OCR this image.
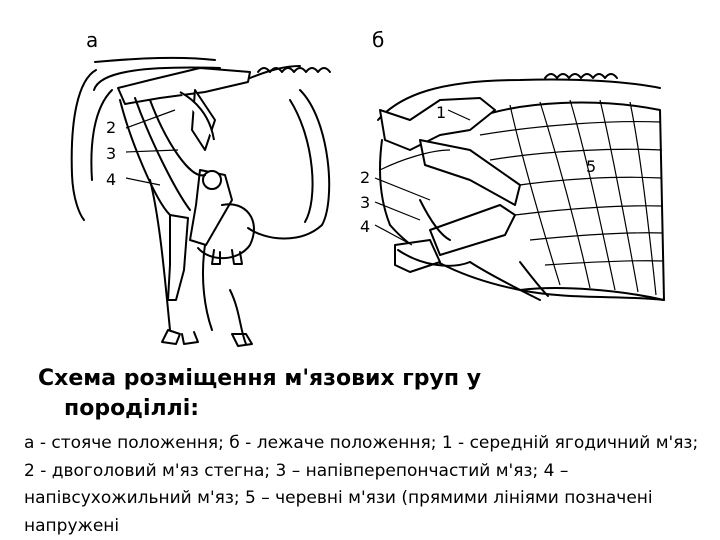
а	б
2
3
4
1
2
3
4
5
Схема розміщення м'язових груп у
породіллі:

а - стояче положення; б - лежаче положення; 1 - середній ягодичний м'яз; 2 - двоголовий м'яз стегна; 3 – напівперепончастий м'яз; 4 – напівсухожильний м'яз; 5 – черевні м'язи (прямими лініями позначені напружені
